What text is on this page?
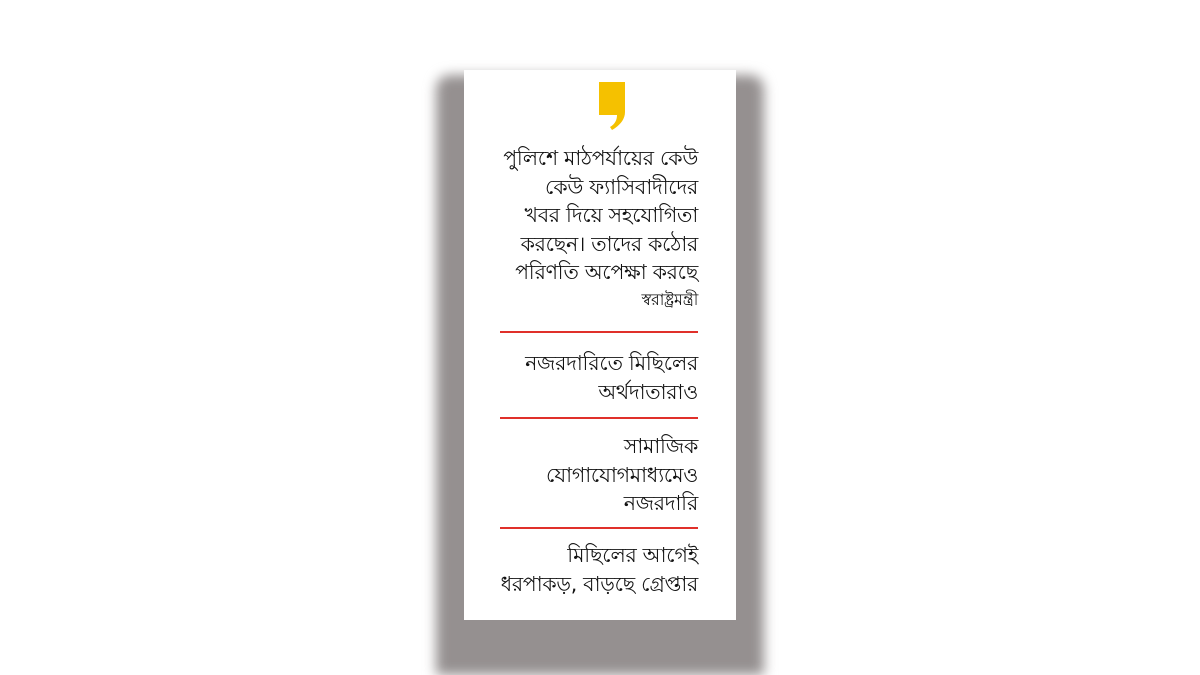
পুলিশে মাঠপর্যায়ের কেউ
কেউ ফ্যাসিবাদীদের
খবর দিয়ে সহযোগিতা
করছেন। তাদের কঠোর
পরিণতি অপেক্ষা করছে
স্বরাষ্ট্রমন্ত্রী
নজরদারিতে মিছিলের
অর্থদাতারাও
সামাজিক
যোগাযোগমাধ্যমেও
নজরদারি
মিছিলের আগেই
ধরপাকড়, বাড়ছে গ্রেপ্তার
